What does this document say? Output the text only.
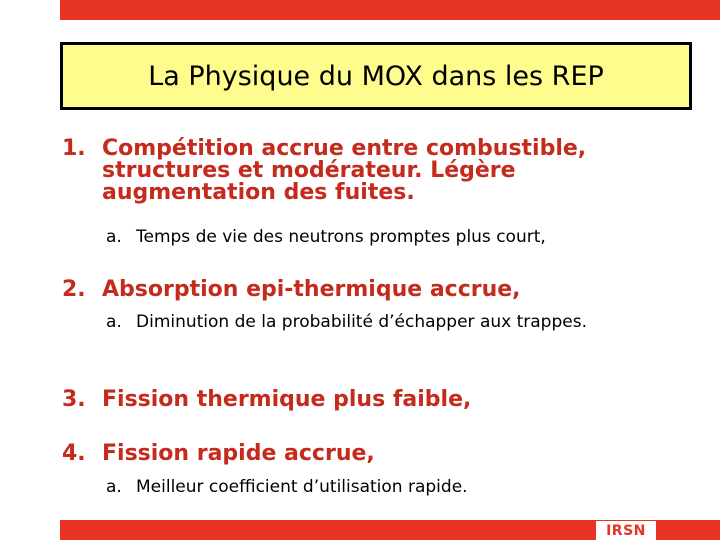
La Physique du MOX dans les REP
1. Compétition accrue entre combustible, structures et modérateur. Légère augmentation des fuites.
a. Temps de vie des neutrons promptes plus court,
2. Absorption epi-thermique accrue,
a. Diminution de la probabilité d’échapper aux trappes.
3. Fission thermique plus faible,
4. Fission rapide accrue,
a. Meilleur coefficient d’utilisation rapide.
IRSN
